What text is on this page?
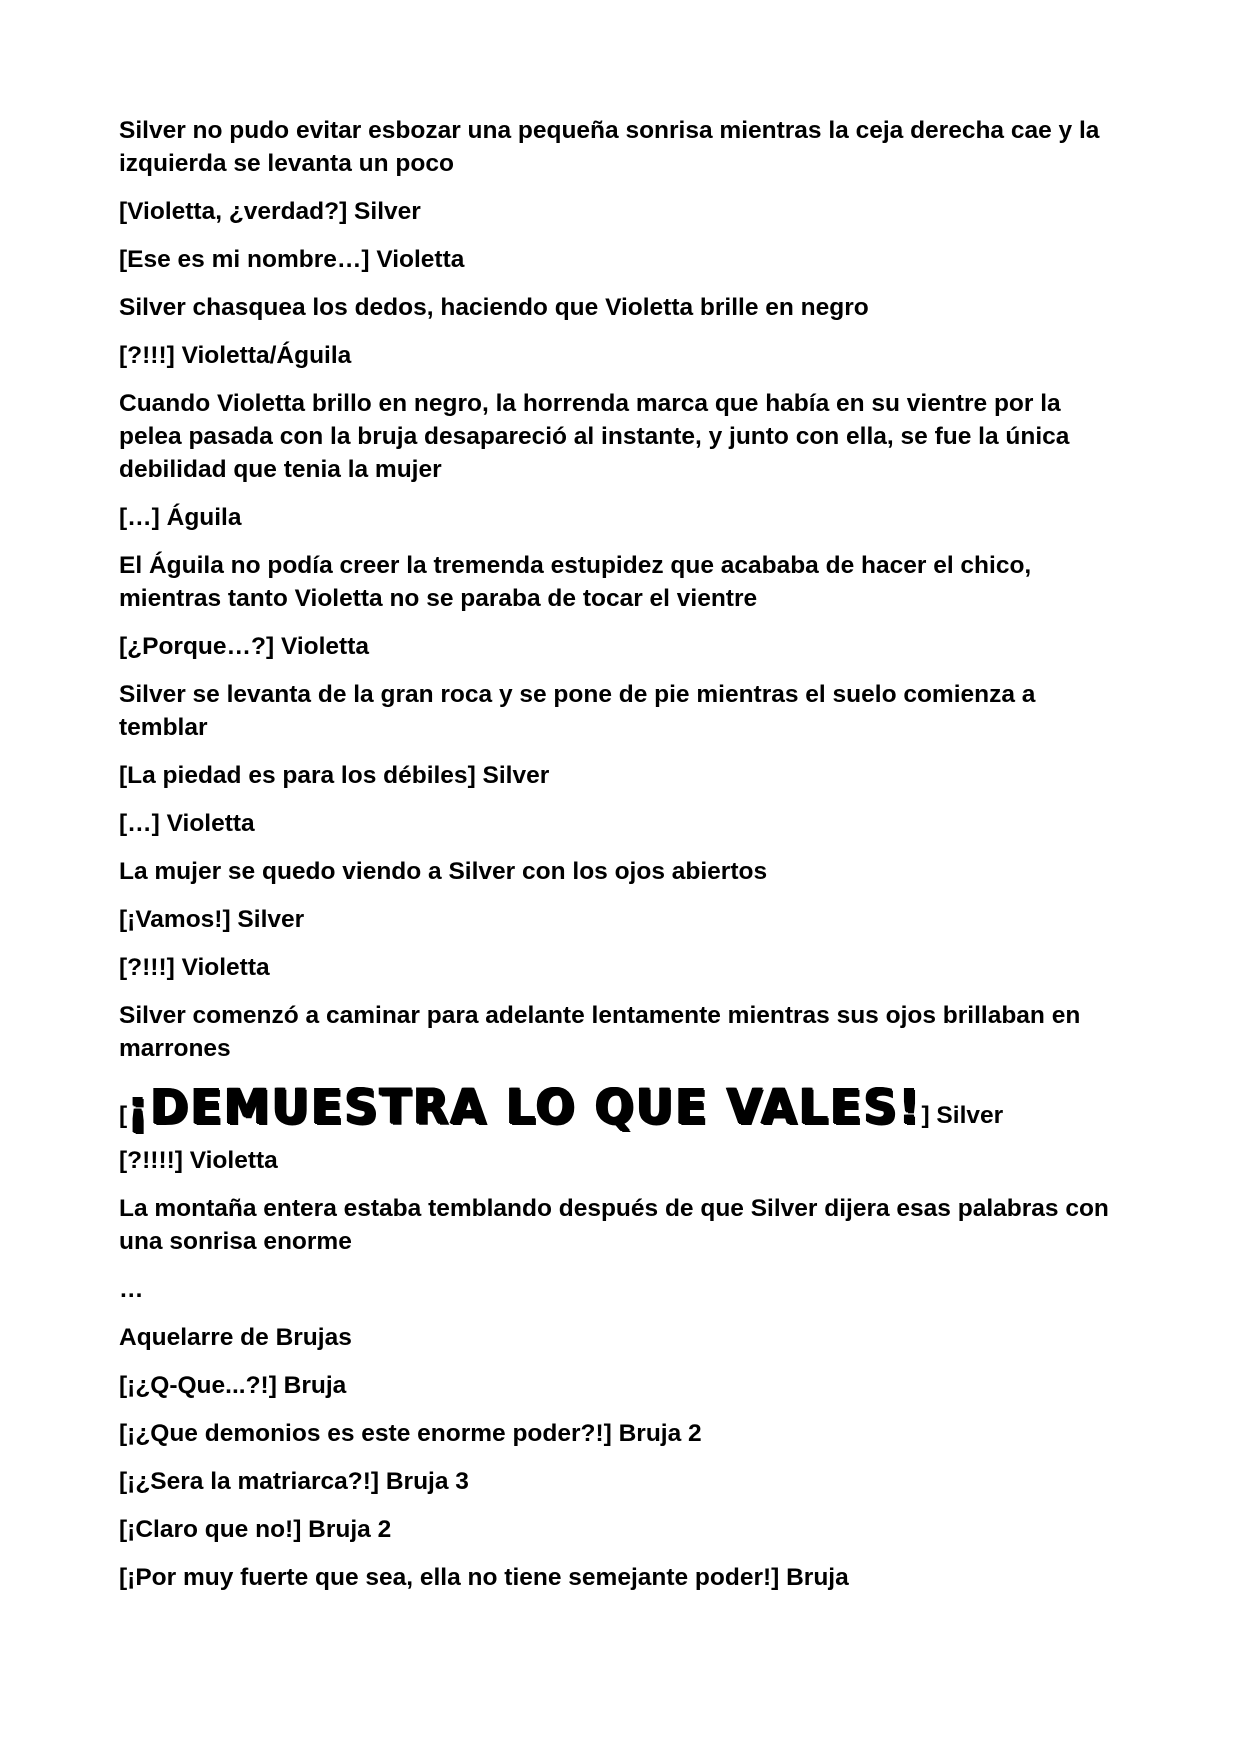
Silver no pudo evitar esbozar una pequeña sonrisa mientras la ceja derecha cae y la izquierda se levanta un poco

[Violetta, ¿verdad?] Silver

[Ese es mi nombre…] Violetta

Silver chasquea los dedos, haciendo que Violetta brille en negro

[?!!!] Violetta/Águila

Cuando Violetta brillo en negro, la horrenda marca que había en su vientre por la pelea pasada con la bruja desapareció al instante, y junto con ella, se fue la única debilidad que tenia la mujer

[…] Águila

El Águila no podía creer la tremenda estupidez que acababa de hacer el chico, mientras tanto Violetta no se paraba de tocar el vientre

[¿Porque…?] Violetta

Silver se levanta de la gran roca y se pone de pie mientras el suelo comienza a temblar

[La piedad es para los débiles] Silver

[…] Violetta

La mujer se quedo viendo a Silver con los ojos abiertos

[¡Vamos!] Silver

[?!!!] Violetta

Silver comenzó a caminar para adelante lentamente mientras sus ojos brillaban en marrones

[ ¡DEMUESTRA LO QUE VALES! ] Silver

[?!!!!] Violetta

La montaña entera estaba temblando después de que Silver dijera esas palabras con una sonrisa enorme

…

Aquelarre de Brujas

[¡¿Q-Que...?!] Bruja

[¡¿Que demonios es este enorme poder?!] Bruja 2

[¡¿Sera la matriarca?!] Bruja 3

[¡Claro que no!] Bruja 2

[¡Por muy fuerte que sea, ella no tiene semejante poder!] Bruja
